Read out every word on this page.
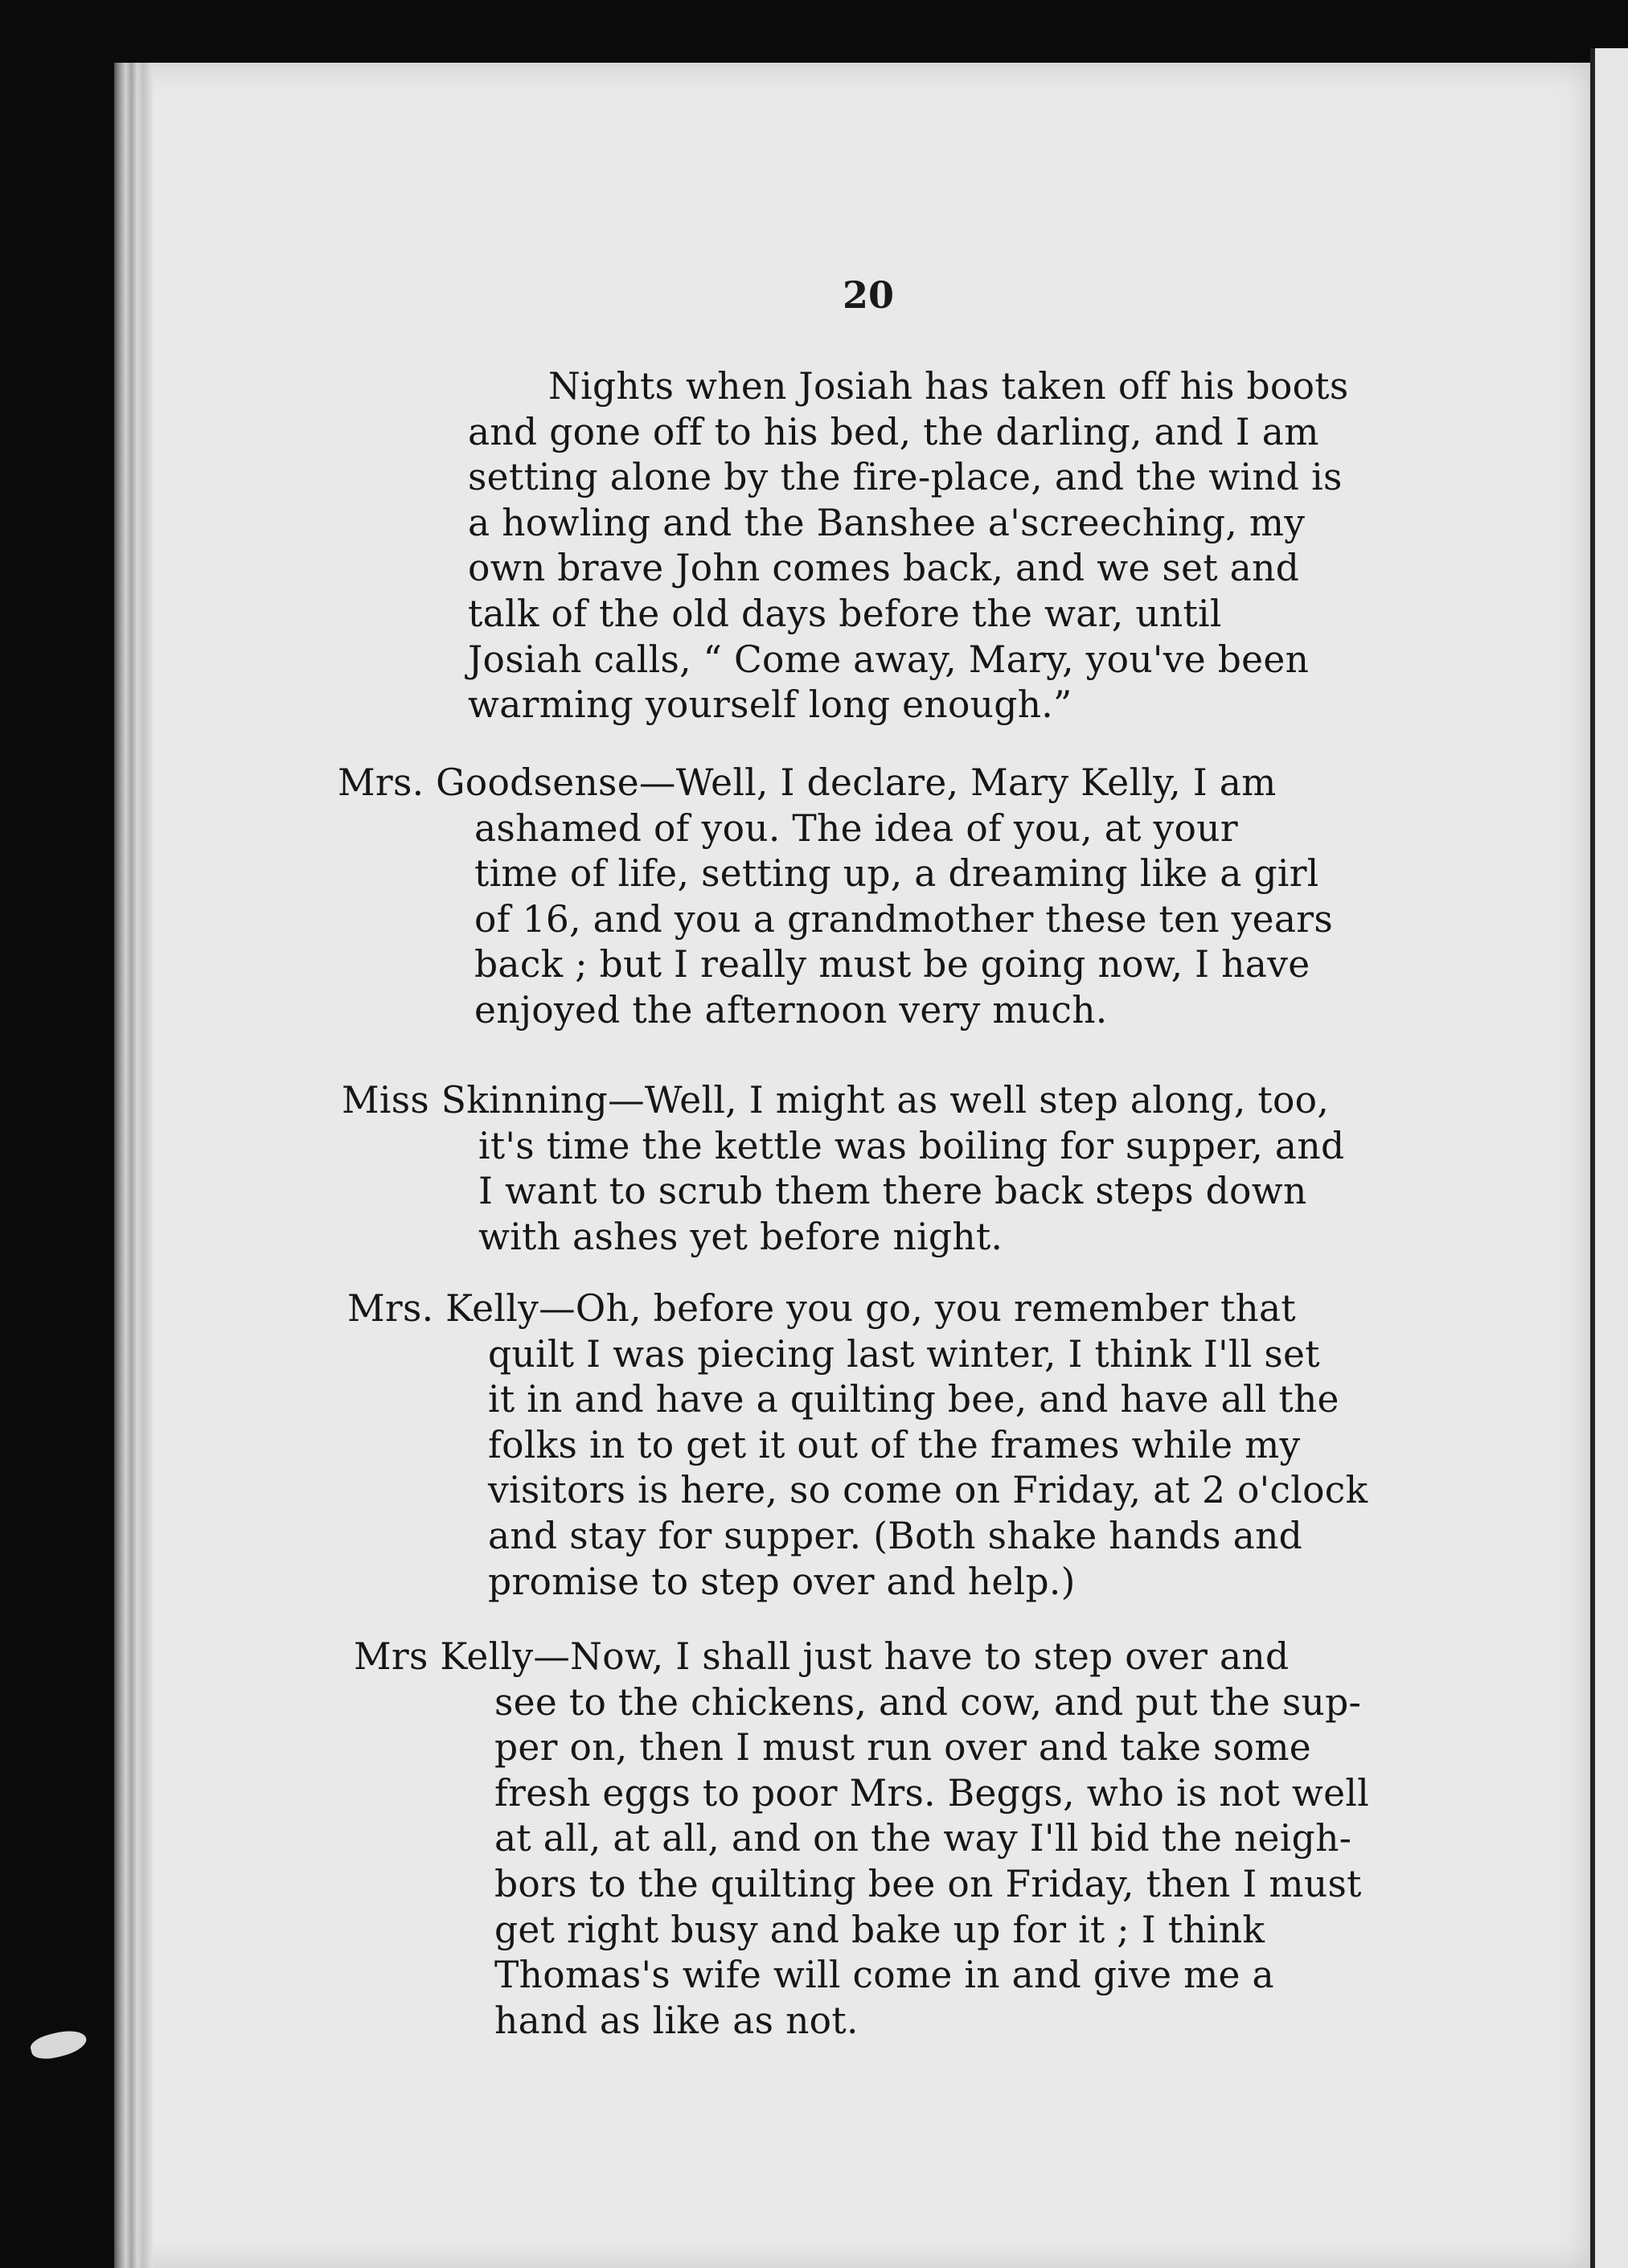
20
Nights when Josiah has taken off his boots
and gone off to his bed, the darling, and I am
setting alone by the fire-place, and the wind is
a howling and the Banshee a'screeching, my
own brave John comes back, and we set and
talk of the old days before the war, until
Josiah calls, “ Come away, Mary, you've been
warming yourself long enough.”
Mrs. Goodsense—Well, I declare, Mary Kelly, I am
ashamed of you. The idea of you, at your
time of life, setting up, a dreaming like a girl
of 16, and you a grandmother these ten years
back ; but I really must be going now, I have
enjoyed the afternoon very much.
Miss Skinning—Well, I might as well step along, too,
it's time the kettle was boiling for supper, and
I want to scrub them there back steps down
with ashes yet before night.
Mrs. Kelly—Oh, before you go, you remember that
quilt I was piecing last winter, I think I'll set
it in and have a quilting bee, and have all the
folks in to get it out of the frames while my
visitors is here, so come on Friday, at 2 o'clock
and stay for supper. (Both shake hands and
promise to step over and help.)
Mrs Kelly—Now, I shall just have to step over and
see to the chickens, and cow, and put the sup-
per on, then I must run over and take some
fresh eggs to poor Mrs. Beggs, who is not well
at all, at all, and on the way I'll bid the neigh-
bors to the quilting bee on Friday, then I must
get right busy and bake up for it ; I think
Thomas's wife will come in and give me a
hand as like as not.
